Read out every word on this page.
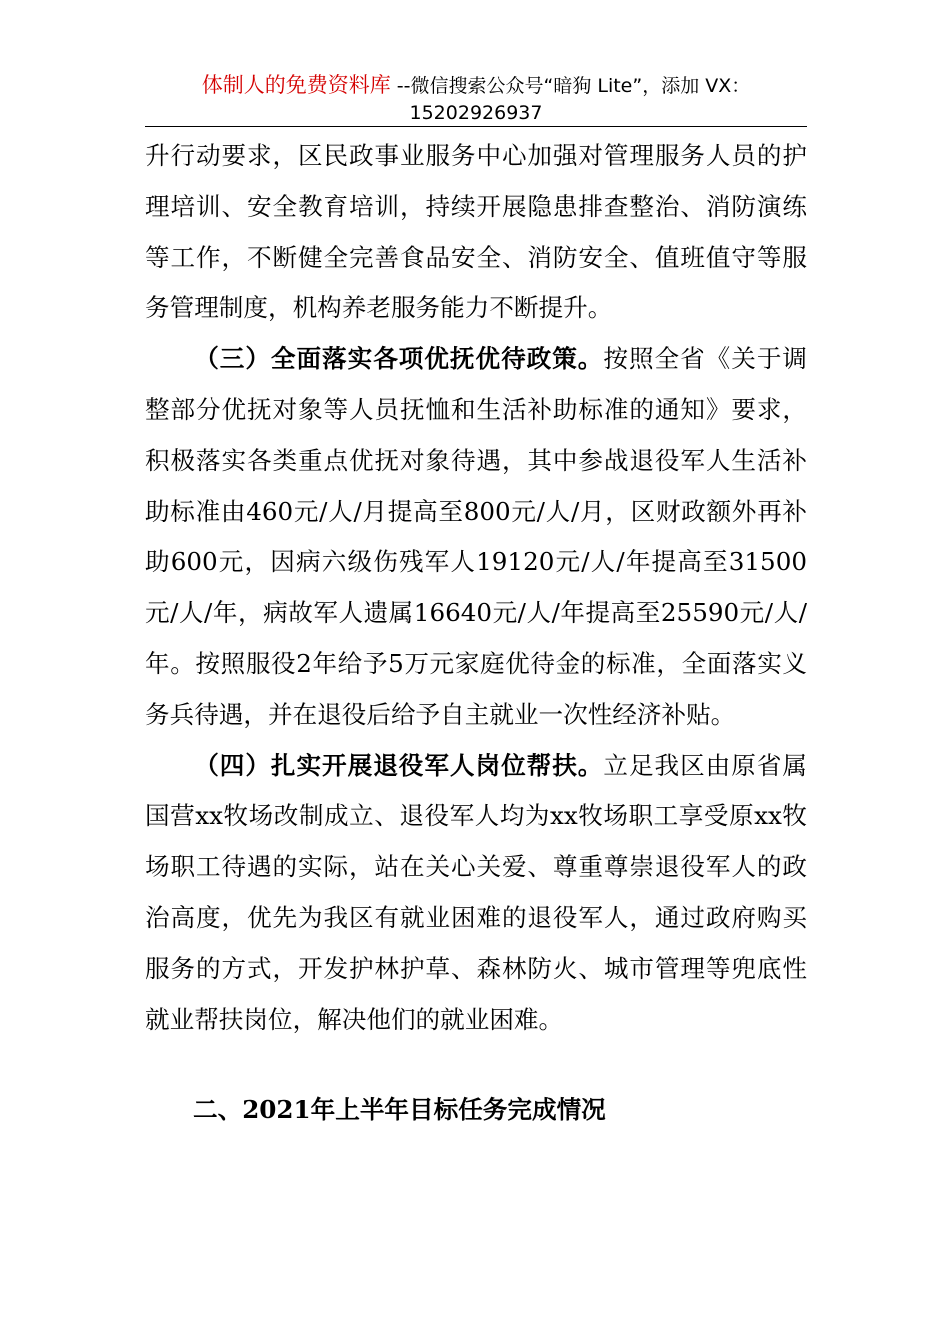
体制人的免费资料库 --微信搜索公众号“暗狗 Lite”，添加 VX：
15202926937

升行动要求，区民政事业服务中心加强对管理服务人员的护理培训、安全教育培训，持续开展隐患排查整治、消防演练等工作，不断健全完善食品安全、消防安全、值班值守等服务管理制度，机构养老服务能力不断提升。

（三）全面落实各项优抚优待政策。按照全省《关于调整部分优抚对象等人员抚恤和生活补助标准的通知》要求，积极落实各类重点优抚对象待遇，其中参战退役军人生活补助标准由460元/人/月提高至800元/人/月，区财政额外再补助600元，因病六级伤残军人19120元/人/年提高至31500元/人/年，病故军人遗属16640元/人/年提高至25590元/人/年。按照服役2年给予5万元家庭优待金的标准，全面落实义务兵待遇，并在退役后给予自主就业一次性经济补贴。

（四）扎实开展退役军人岗位帮扶。立足我区由原省属国营xx牧场改制成立、退役军人均为xx牧场职工享受原xx牧场职工待遇的实际，站在关心关爱、尊重尊崇退役军人的政治高度，优先为我区有就业困难的退役军人，通过政府购买服务的方式，开发护林护草、森林防火、城市管理等兜底性就业帮扶岗位，解决他们的就业困难。

二、2021年上半年目标任务完成情况
